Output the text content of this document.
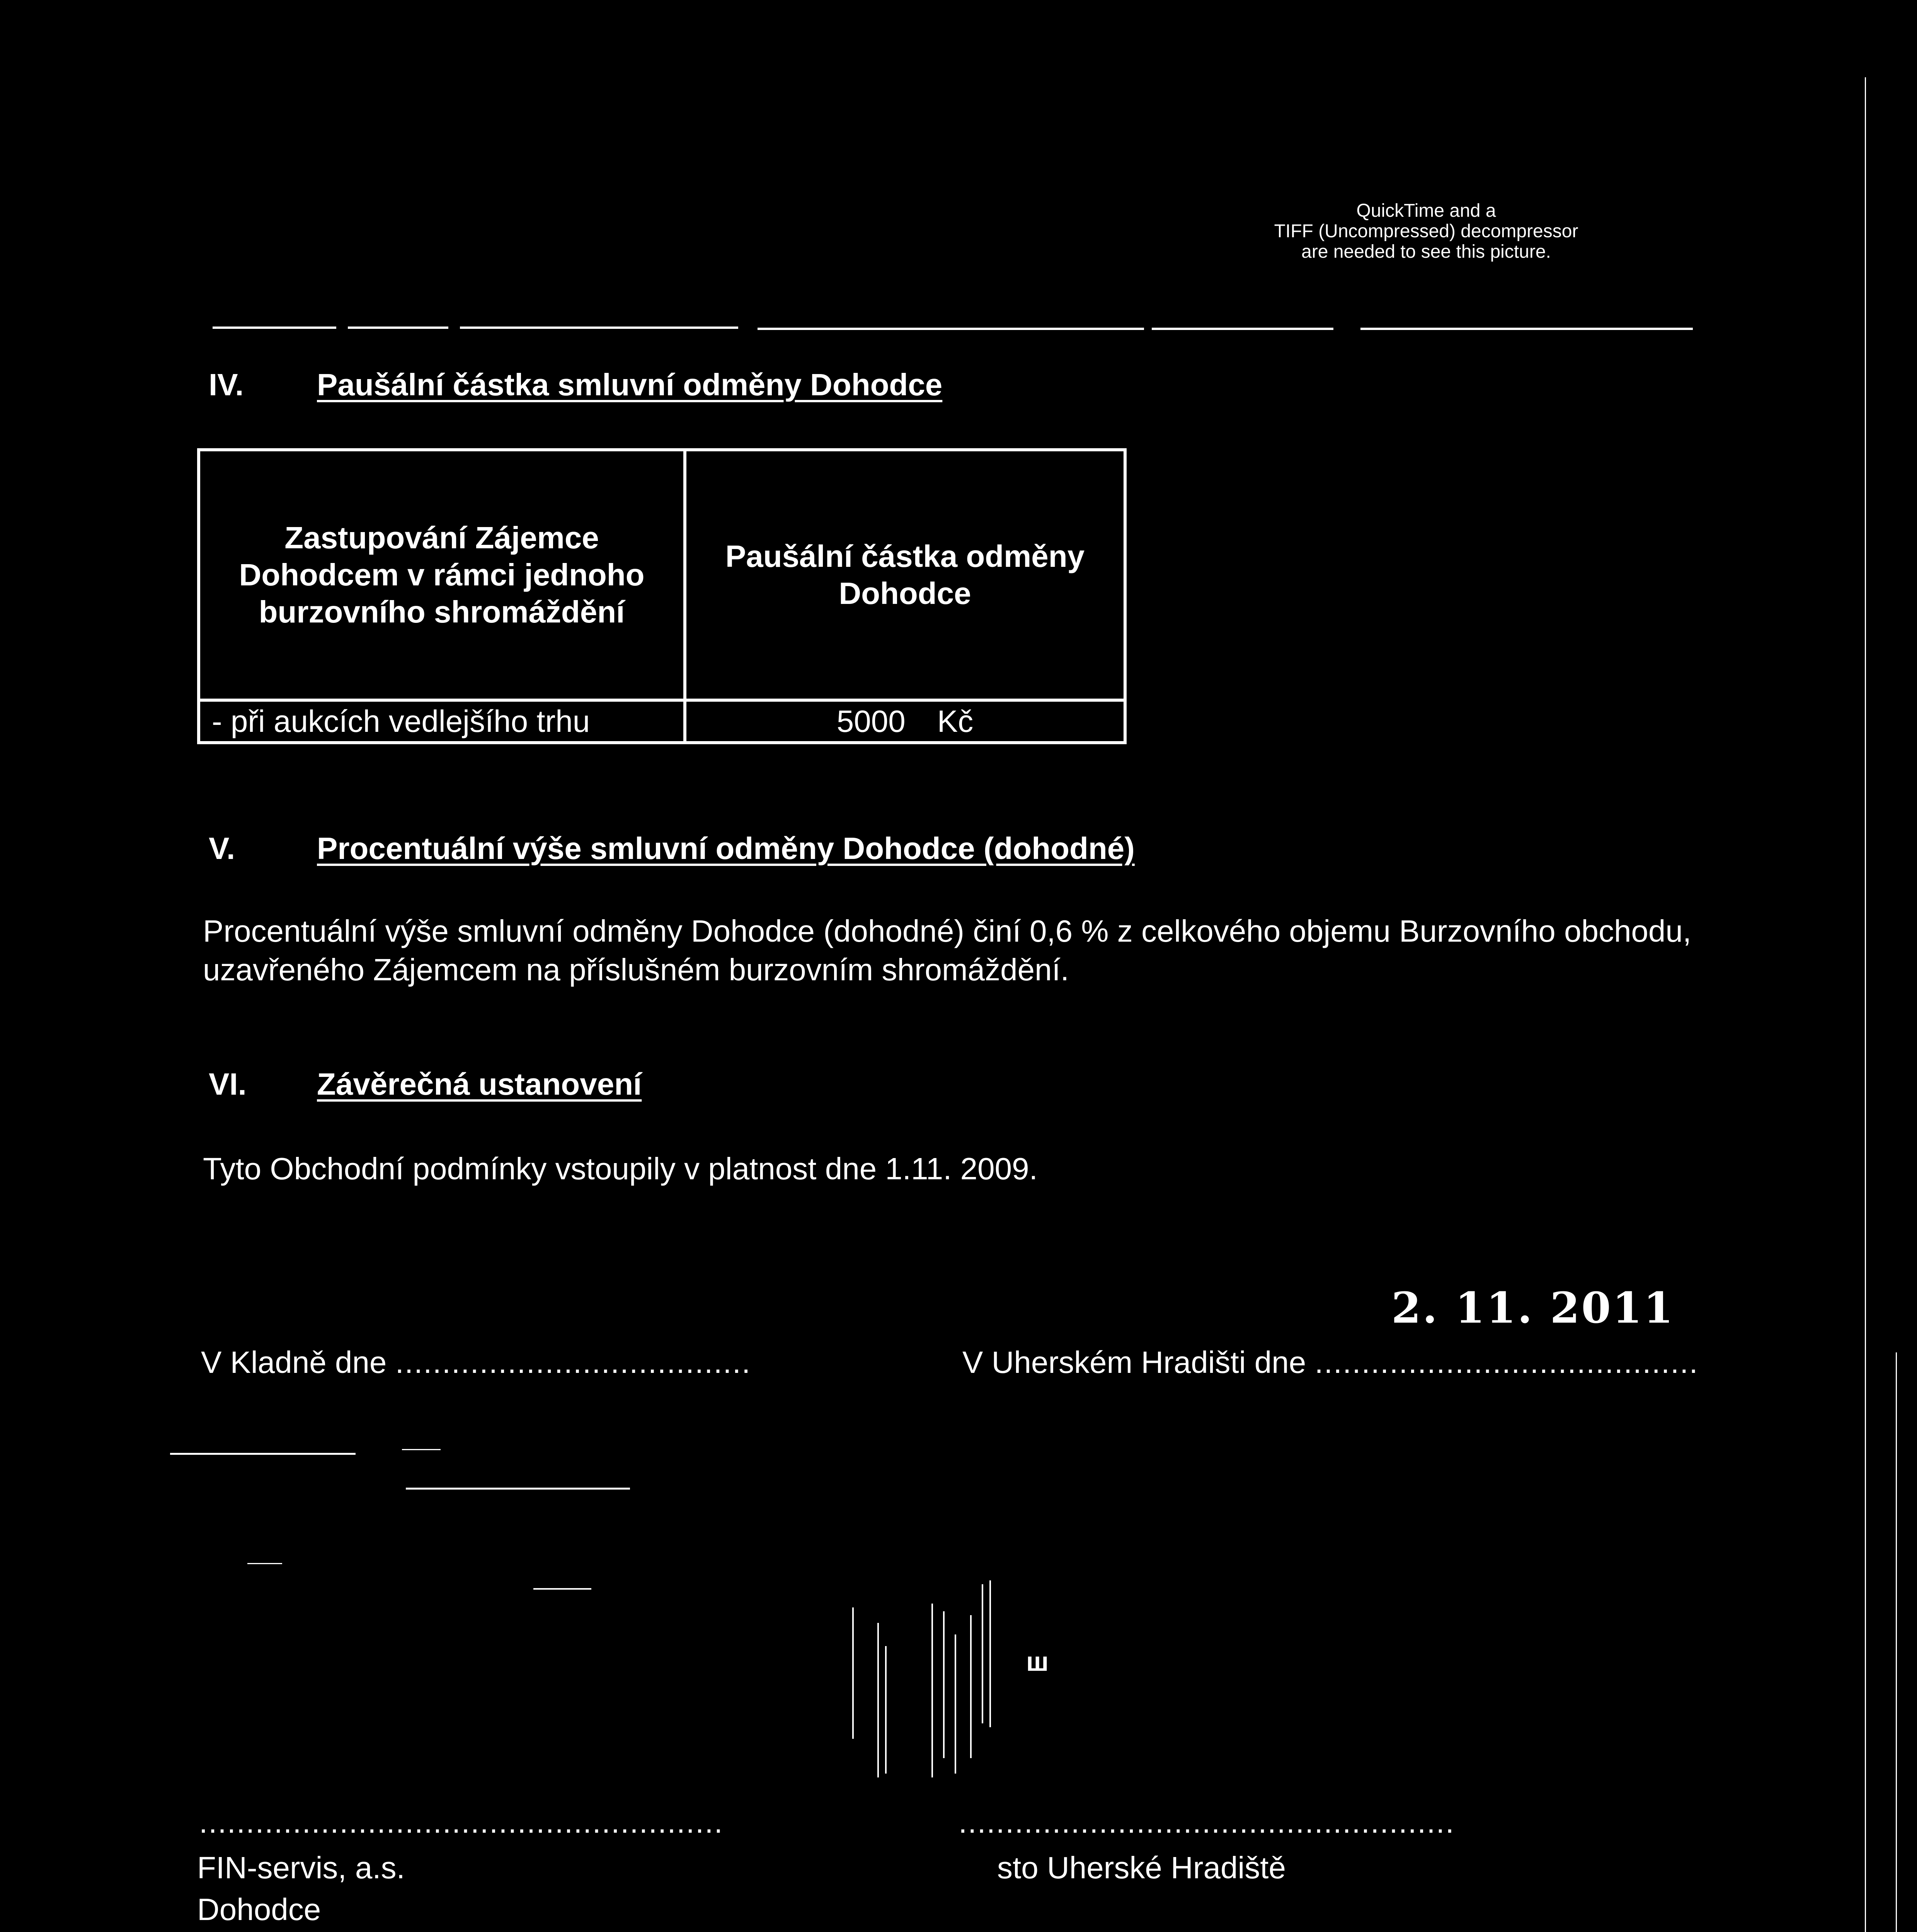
QuickTime and a
TIFF (Uncompressed) decompressor
are needed to see this picture.
IV. Paušální částka smluvní odměny Dohodce
Zastupování Zájemce Dohodcem v rámci jednoho burzovního shromáždění	Paušální částka odměny Dohodce
- při aukcích vedlejšího trhu	5000 Kč
V.	Procentuální výše smluvní odměny Dohodce (dohodné)
Procentuální výše smluvní odměny Dohodce (dohodné) činí 0,6 % z celkového objemu Burzovního obchodu, uzavřeného Zájemcem na příslušném burzovním shromáždění.
VI. Závěrečná ustanovení
Tyto Obchodní podmínky vstoupily v platnost dne 1.11. 2009.
2. 11. 2011
V Kladně dne ......................................	V Uherském Hradišti dne .........................................
ш
........................................................	.....................................................
FIN-servis, a.s.
Dohodce
sto Uherské Hradiště
